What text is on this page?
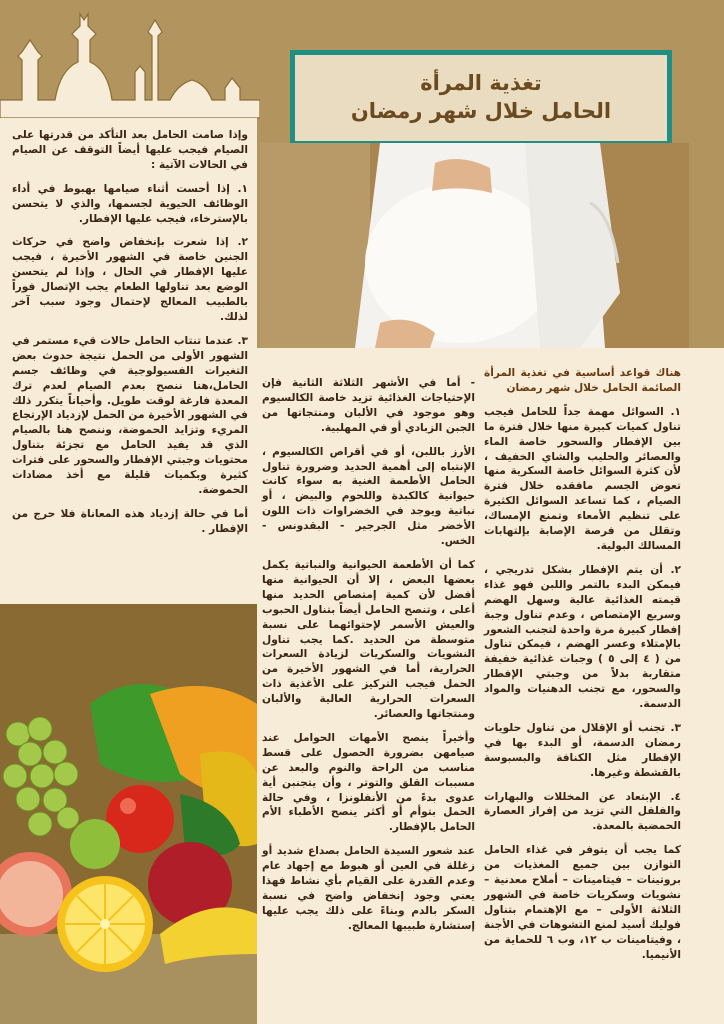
تغذية المرأة
الحامل خلال شهر رمضان

وإذا صامت الحامل بعد التأكد من قدرتها على الصيام فيجب عليها أيضاً التوقف عن الصيام في الحالات الآتية :

١. إذا أحست أثناء صيامها بهبوط في أداء الوظائف الحيوية لجسمها، والذي لا يتحسن بالإسترخاء، فيجب عليها الإفطار.

٢. إذا شعرت بإنخفاض واضح في حركات الجنين خاصة في الشهور الأخيرة ، فيجب عليها الإفطار في الحال ، وإذا لم يتحسن الوضع بعد تناولها الطعام يجب الإتصال فوراً بالطبيب المعالج لإحتمال وجود سبب آخر لذلك.

٣. عندما تنتاب الحامل حالات قيء مستمر في الشهور الأولى من الحمل نتيجة حدوث بعض التغيرات الفسيولوجية في وظائف جسم الحامل،هنا ننصح بعدم الصيام لعدم ترك المعدة فارغة لوقت طويل. وأحياناً يتكرر ذلك في الشهور الأخيرة من الحمل لإزدياد الإرتجاع المريء وتزايد الحموضة، وننصح هنا بالصيام الذي قد يفيد الحامل مع تجزئة بتناول محتويات وجبتي الإفطار والسحور على فترات كثيرة وبكميات قليلة مع أخذ مضادات الحموضة.

أما في حالة إزدياد هذه المعاناة فلا حرج من الإفطار .

- أما في الأشهر الثلاثة الثانية فإن الإحتياجات الغذائية تزيد خاصة الكالسيوم وهو موجود في الألبان ومنتجاتها من الجبن الزبادي أو في المهلبية.

الأرز باللبن، أو في أقراص الكالسيوم ، الإنتباه إلى أهمية الحديد وضرورة تناول الحامل الأطعمة الغنية به سواء كانت حيوانية كالكبدة واللحوم والبيض ، أو نباتية ويوجد في الخضراوات ذات اللون الأخضر مثل الجرجير - البقدونس - الخس.

كما أن الأطعمة الحيوانية والنباتية يكمل بعضها البعض ، إلا أن الحيوانية منها أفضل لأن كمية إمتصاص الحديد منها أعلى ، وتنصح الحامل أيضاً بتناول الحبوب والعيش الأسمر لإحتوائهما على نسبة متوسطة من الحديد .كما يجب تناول النشويات والسكريات لزيادة السعرات الحرارية، أما في الشهور الأخيرة من الحمل فيجب التركيز على الأغذية ذات السعرات الحرارية العالية والألبان ومنتجاتها والعصائر.

وأخيراً ينصح الأمهات الحوامل عند صيامهن بضرورة الحصول على قسط مناسب من الراحة والنوم والبعد عن مسببات القلق والتوتر ، وأن يتجنبن أية عدوى بدءً من الأنفلونزا ، وفي حالة الحمل بتوأم أو أكثر ينصح الأطباء الأم الحامل بالإفطار.

عند شعور السيدة الحامل بصداع شديد أو زغللة في العين أو هبوط مع إجهاد عام وعدم القدرة على القيام بأي نشاط فهذا يعني وجود إنخفاض واضح في نسبة السكر بالدم وبناءً على ذلك يجب عليها إستشارة طبيبها المعالج.

هناك قواعد أساسية في تغذية المرأة الصائمة الحامل خلال شهر رمضان

١. السوائل مهمة جداً للحامل فيجب تناول كميات كبيرة منها خلال فترة ما بين الإفطار والسحور خاصة الماء والعصائر والحليب والشاي الخفيف ، لأن كثرة السوائل خاصة السكرية منها تعوض الجسم مافقده خلال فترة الصيام ، كما تساعد السوائل الكثيرة على تنظيم الأمعاء وتمنع الإمساك، وتقلل من فرصة الإصابة بإلتهابات المسالك البولية.

٢. أن يتم الإفطار بشكل تدريجي ، فيمكن البدء بالتمر واللبن فهو غذاء قيمته الغذائية عالية وسهل الهضم وسريع الإمتصاص ، وعدم تناول وجبة إفطار كبيرة مرة واحدة لتجنب الشعور بالإمتلاء وعسر الهضم ، فيمكن تناول من ( ٤ إلى ٥ ) وجبات غذائية خفيفة متقاربة بدلاً من وجبتي الإفطار والسحور، مع تجنب الدهنيات والمواد الدسمة.

٣. تجنب أو الإقلال من تناول حلويات رمضان الدسمة، أو البدء بها في الإفطار مثل الكنافة والبسبوسة بالقشطة وغيرها.

٤. الإبتعاد عن المخللات والبهارات والفلفل التي تزيد من إفراز العصارة الحمضية بالمعدة.

كما يجب أن يتوفر في غذاء الحامل التوازن بين جميع المغذيات من بروتينات – فيتامينات – أملاح معدنية – نشويات وسكريات خاصة في الشهور الثلاثة الأولى – مع الإهتمام بتناول فوليك أسيد لمنع التشوهات في الأجنة ، وفيتامينات ب ١٢، وب ٦ للحماية من الأنيميا.
